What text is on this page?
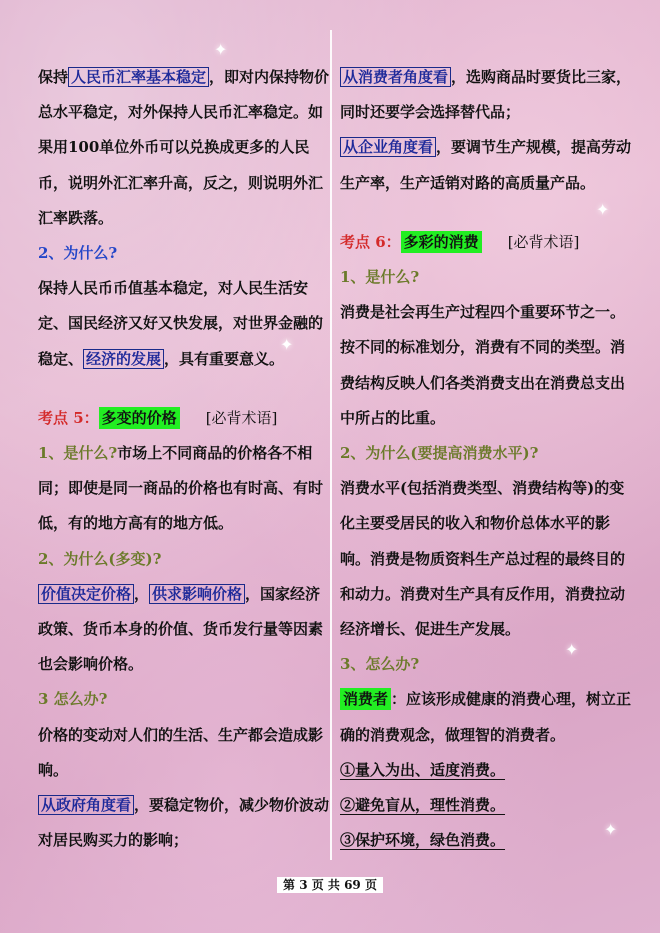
保持 人民币汇率基本稳定 ，即对内保持物价总水平稳定，对外保持人民币汇率稳定。如果用100单位外币可以兑换成更多的人民币，说明外汇汇率升高，反之，则说明外汇汇率跌落。

2、为什么?

保持人民币币值基本稳定，对人民生活安定、国民经济又好又快发展，对世界金融的稳定、 经济的发展 ，具有重要意义。

考点 5： 多变的价格 [必背术语]

1、是什么?市场上不同商品的价格各不相同；即使是同一商品的价格也有时高、有时低，有的地方高有的地方低。

2、为什么(多变)?

价值决定价格 ， 供求影响价格 ，国家经济政策、货币本身的价值、货币发行量等因素也会影响价格。

3 怎么办?

价格的变动对人们的生活、生产都会造成影响。

从政府角度看 ，要稳定物价，减少物价波动对居民购买力的影响；

从消费者角度看 ，选购商品时要货比三家，同时还要学会选择替代品；

从企业角度看 ，要调节生产规模，提高劳动生产率，生产适销对路的高质量产品。

考点 6： 多彩的消费 [必背术语]
1、是什么?

消费是社会再生产过程四个重要环节之一。按不同的标准划分，消费有不同的类型。消费结构反映人们各类消费支出在消费总支出中所占的比重。

2、为什么(要提高消费水平)?

消费水平(包括消费类型、消费结构等)的变化主要受居民的收入和物价总体水平的影响。消费是物质资料生产总过程的最终目的和动力。消费对生产具有反作用，消费拉动经济增长、促进生产发展。

3、怎么办?

消费者 ：应该形成健康的消费心理，树立正确的消费观念，做理智的消费者。

①量入为出、适度消费。
②避免盲从，理性消费。
③保护环境，绿色消费。
第 3 页 共 69 页
✦
✦
✦
✦
✦
